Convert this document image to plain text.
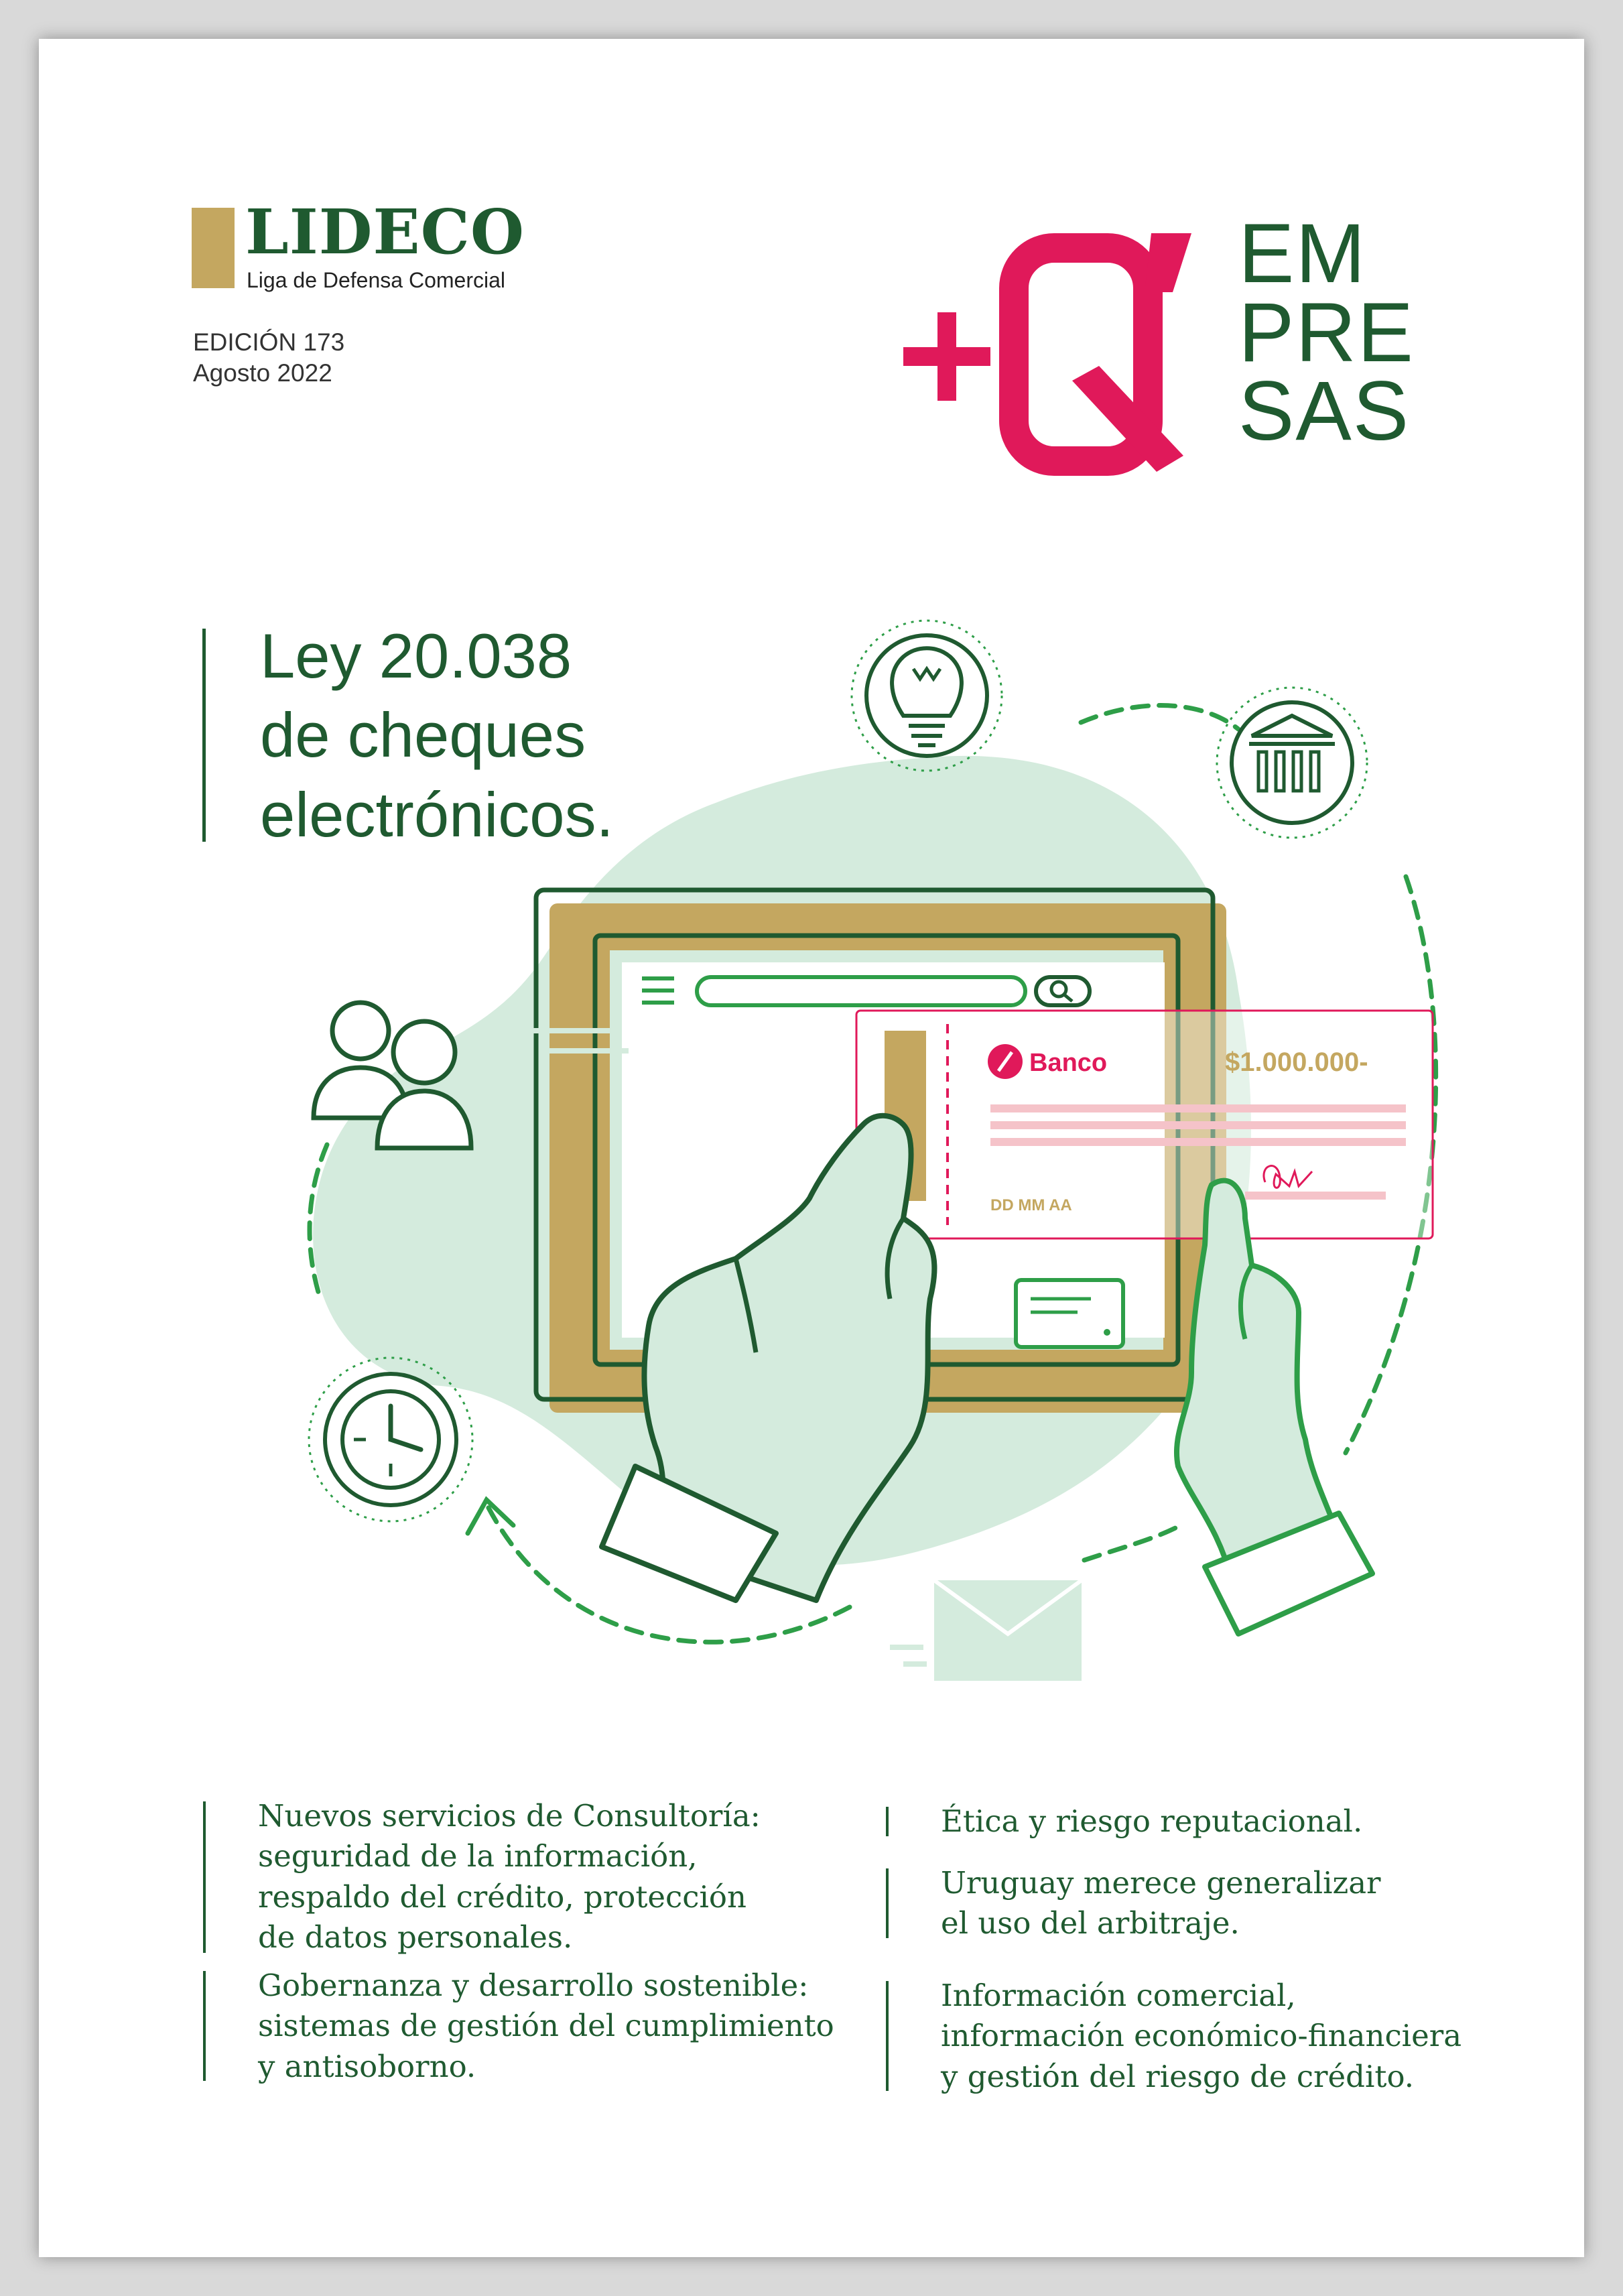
LIDECO
Liga de Defensa Comercial
EDICIÓN 173
Agosto 2022
EM
PRE
SAS
Ley 20.038
de cheques
electrónicos.
Banco	$1.000.000-
DD MM AA
Nuevos servicios de Consultoría:
seguridad de la información,
respaldo del crédito, protección
de datos personales.
Gobernanza y desarrollo sostenible:
sistemas de gestión del cumplimiento
y antisoborno.
Ética y riesgo reputacional.
Uruguay merece generalizar
el uso del arbitraje.
Información comercial,
información económico-financiera
y gestión del riesgo de crédito.
